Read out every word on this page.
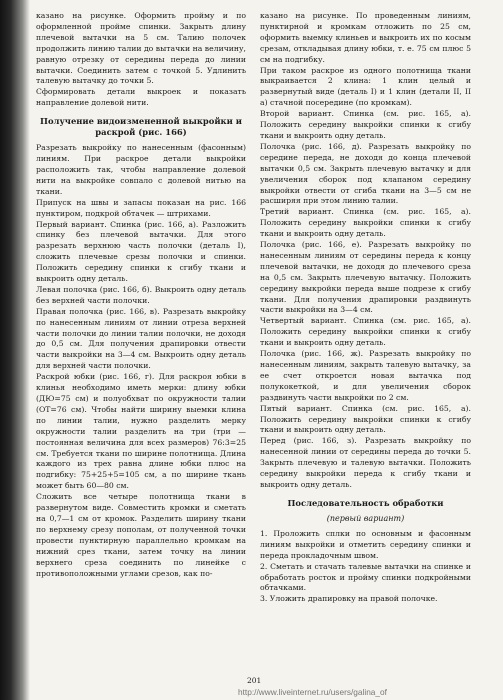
казано на рисунке. Оформить пройму и по оформленной пройме спинки. Закрыть длину плечевой вытачки на 5 см. Талию полочек продолжить линию талии до вытачки на величину, равную отрезку от середины переда до линии вытачки. Соединить затем с точкой 5. Удлинить талевую вытачку до точки 5.

Сформировать детали выкроек и показать направление долевой нити.

Получение видоизмененной выкройки и раскрой (рис. 166)

Разрезать выкройку по нанесенным (фасонным) линиям. При раскрое детали выкройки расположить так, чтобы направление долевой нити на выкройке совпало с долевой нитью на ткани.

Припуск на швы и запасы показан на рис. 166 пунктиром, подкрой обтачек — штрихами.

Первый вариант. Спинка (рис. 166, а). Разложить спинку без плечевой вытачки. Для этого разрезать верхнюю часть полочки (деталь I), сложить плечевые срезы полочки и спинки. Положить середину спинки к сгибу ткани и выкроить одну деталь.

Левая полочка (рис. 166, б). Выкроить одну деталь без верхней части полочки.

Правая полочка (рис. 166, в). Разрезать выкройку по нанесенным линиям от линии отреза верхней части полочки до линии талии полочки, не доходя до 0,5 см. Для получения драпировки отвести части выкройки на 3—4 см. Выкроить одну деталь для верхней части полочки.

Раскрой юбки (рис. 166, г). Для раскроя юбки в клинья необходимо иметь мерки: длину юбки (ДЮ=75 см) и полуобхват по окружности талии (ОТ=76 см). Чтобы найти ширину выемки клина по линии талии, нужно разделить мерку окружности талии разделить на три (три — постоянная величина для всех размеров) 76:3=25 см. Требуется ткани по ширине полотнища. Длина каждого из трех равна длине юбки плюс на подгибку: 75+25+5=105 см, а по ширине ткань может быть 60—80 см.

Сложить все четыре полотнища ткани в развернутом виде. Совместить кромки и сметать на 0,7—1 см от кромок. Разделить ширину ткани по верхнему срезу пополам, от полученной точки провести пунктирную параллельно кромкам на нижний срез ткани, затем точку на линии верхнего среза соединить по линейке с противоположными углами срезов, как по-

казано на рисунке. По проведенным линиям, пунктирной и кромкам отложить по 25 см, оформить выемку клиньев и выкроить их по косым срезам, откладывая длину юбки, т. е. 75 см плюс 5 см на подгибку.

При таком раскрое из одного полотнища ткани выкраивается 2 клина: 1 клин целый и развернутый виде (деталь I) и 1 клин (детали II, II а) стачной посередине (по кромкам).

Второй вариант. Спинка (см. рис. 165, а). Положить середину выкройки спинки к сгибу ткани и выкроить одну деталь.

Полочка (рис. 166, д). Разрезать выкройку по середине переда, не доходя до конца плечевой вытачки 0,5 см. Закрыть плечевую вытачку и для увеличения сборок под клапаном середину выкройки отвести от сгиба ткани на 3—5 см не расширяя при этом линию талии.

Третий вариант. Спинка (см. рис. 165, а). Положить середину выкройки спинки к сгибу ткани и выкроить одну деталь.

Полочка (рис. 166, е). Разрезать выкройку по нанесенным линиям от середины переда к концу плечевой вытачки, не доходя до плечевого среза на 0,5 см. Закрыть плечевую вытачку. Положить середину выкройки переда выше подрезе к сгибу ткани. Для получения драпировки раздвинуть части выкройки на 3—4 см.

Четвертый вариант. Спинка (см. рис. 165, а). Положить середину выкройки спинки к сгибу ткани и выкроить одну деталь.

Полочка (рис. 166, ж). Разрезать выкройку по нанесенным линиям, закрыть талевую вытачку, за ее счет откроется новая вытачка под полукокеткой, и для увеличения сборок раздвинуть части выкройки по 2 см.

Пятый вариант. Спинка (см. рис. 165, а). Положить середину выкройки спинки к сгибу ткани и выкроить одну деталь.

Перед (рис. 166, з). Разрезать выкройку по нанесенной линии от середины переда до точки 5. Закрыть плечевую и талевую вытачки. Положить середину выкройки переда к сгибу ткани и выкроить одну деталь.

Последовательность обработки
(первый вариант)

1. Проложить сплки по основным и фасонным линиям выкройки и отметить середину спинки и переда прокладочным швом.

2. Сметать и стачать талевые вытачки на спинке и обработать росток и пройму спинки подкройными обтачками.

3. Уложить драпировку на правой полочке.

201
http://www.liveinternet.ru/users/galina_of
